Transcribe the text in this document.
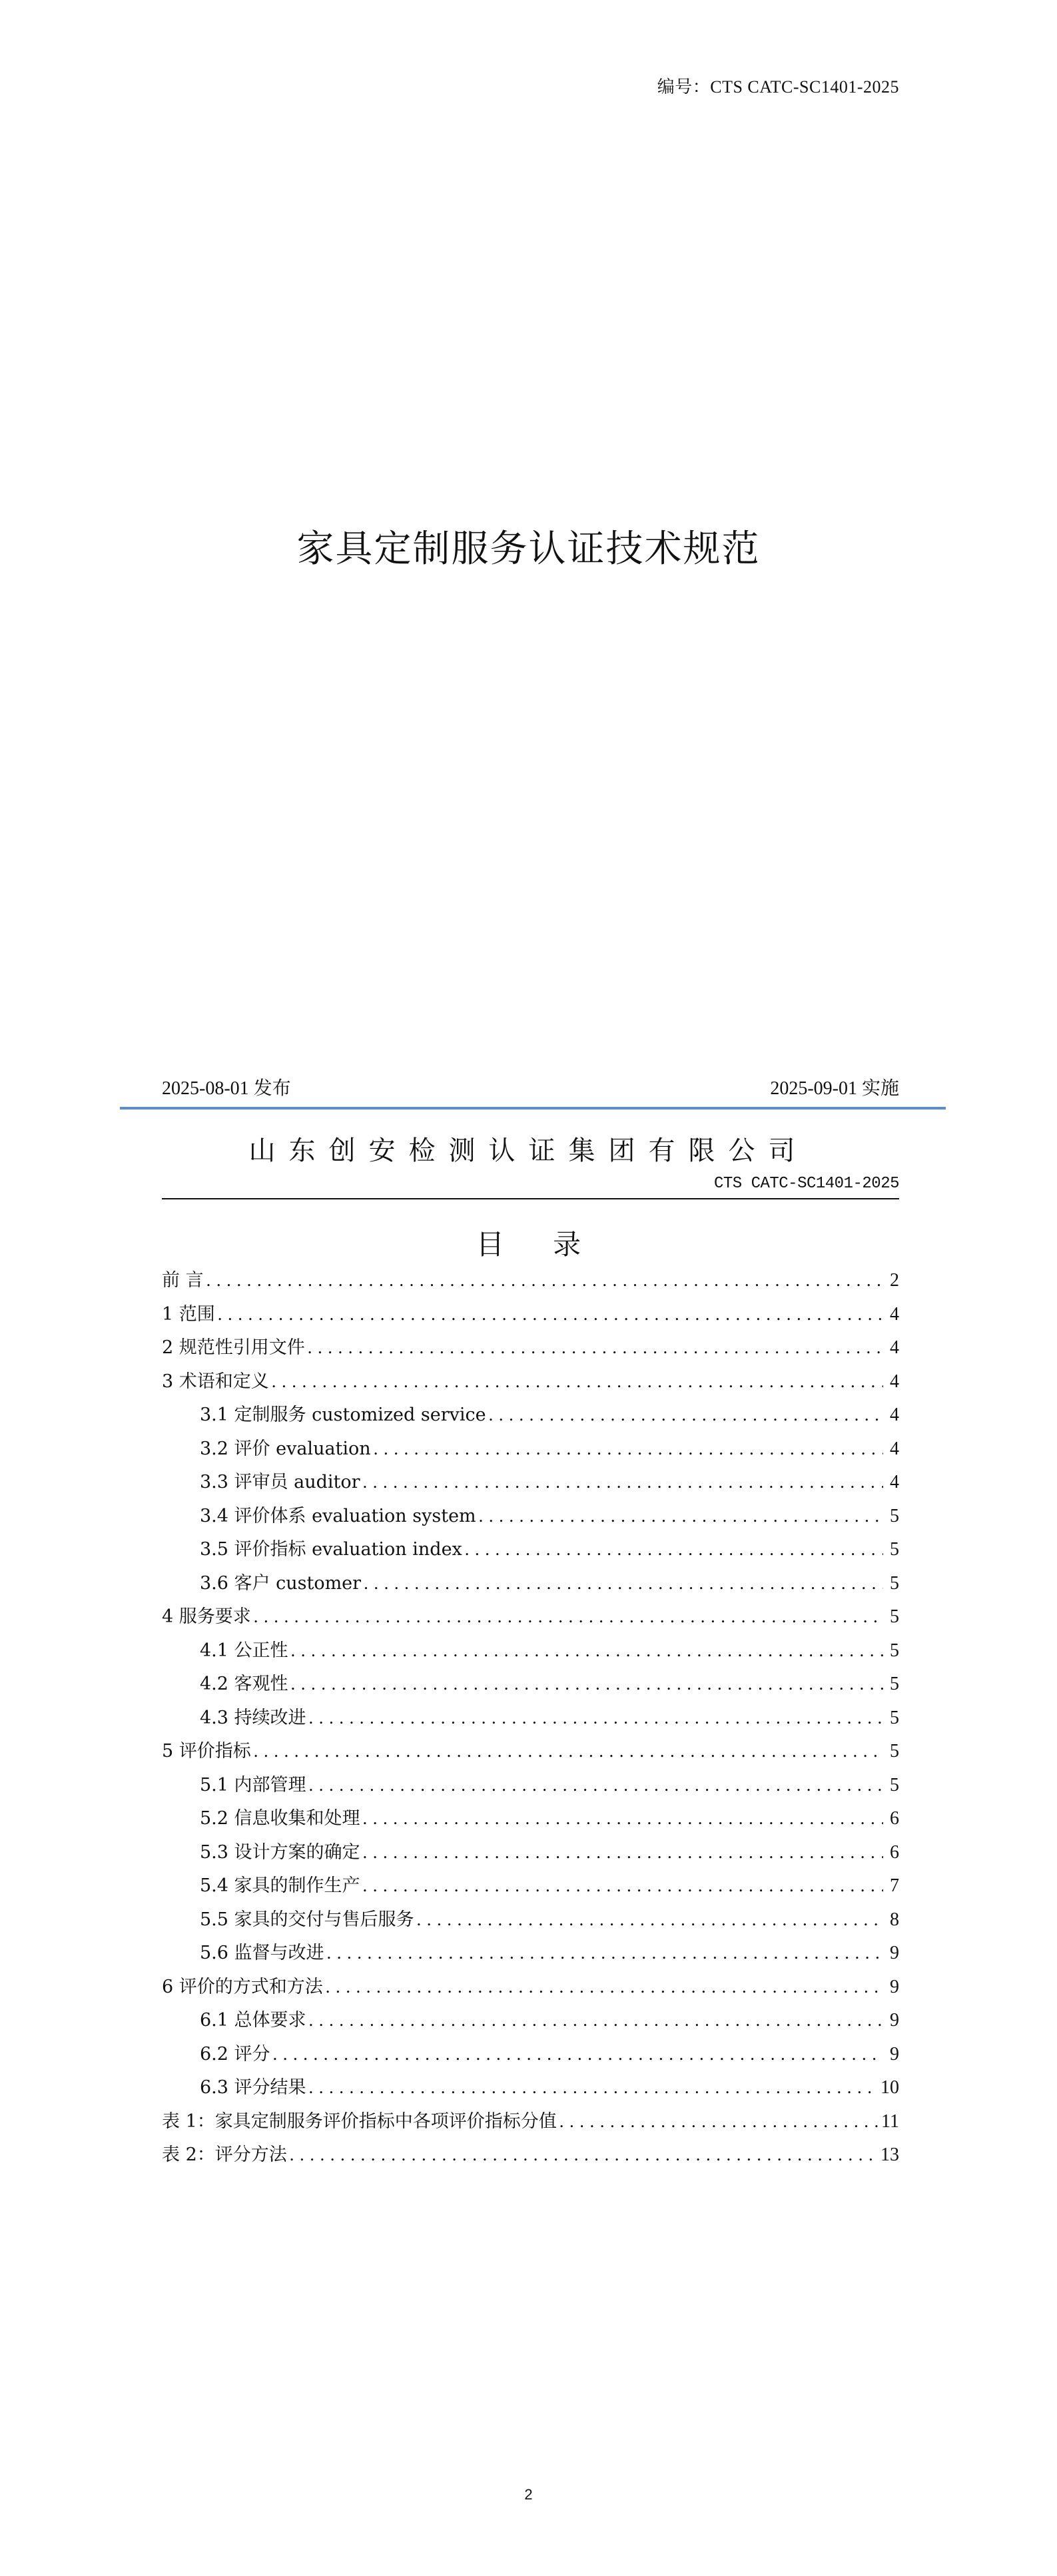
编号：CTS CATC-SC1401-2025
家具定制服务认证技术规范
2025-08-01 发布	2025-09-01 实施
山东创安检测认证集团有限公司
CTS CATC-SC1401-2025
目 录
前 言 .....	2
1 范围 .....	4
2 规范性引用文件 .....	4
3 术语和定义 .....	4
3.1 定制服务 customized service .....	4
3.2 评价 evaluation .....	4
3.3 评审员 auditor .....	4
3.4 评价体系 evaluation system .....	5
3.5 评价指标 evaluation index .....	5
3.6 客户 customer .....	5
4 服务要求 .....	5
4.1 公正性 .....	5
4.2 客观性 .....	5
4.3 持续改进 .....	5
5 评价指标 .....	5
5.1 内部管理 .....	5
5.2 信息收集和处理 .....	6
5.3 设计方案的确定 .....	6
5.4 家具的制作生产 .....	7
5.5 家具的交付与售后服务 .....	8
5.6 监督与改进 .....	9
6 评价的方式和方法 .....	9
6.1 总体要求 .....	9
6.2 评分 .....	9
6.3 评分结果 .....	10
表 1：家具定制服务评价指标中各项评价指标分值 .....	11
表 2：评分方法 .....	13
2
